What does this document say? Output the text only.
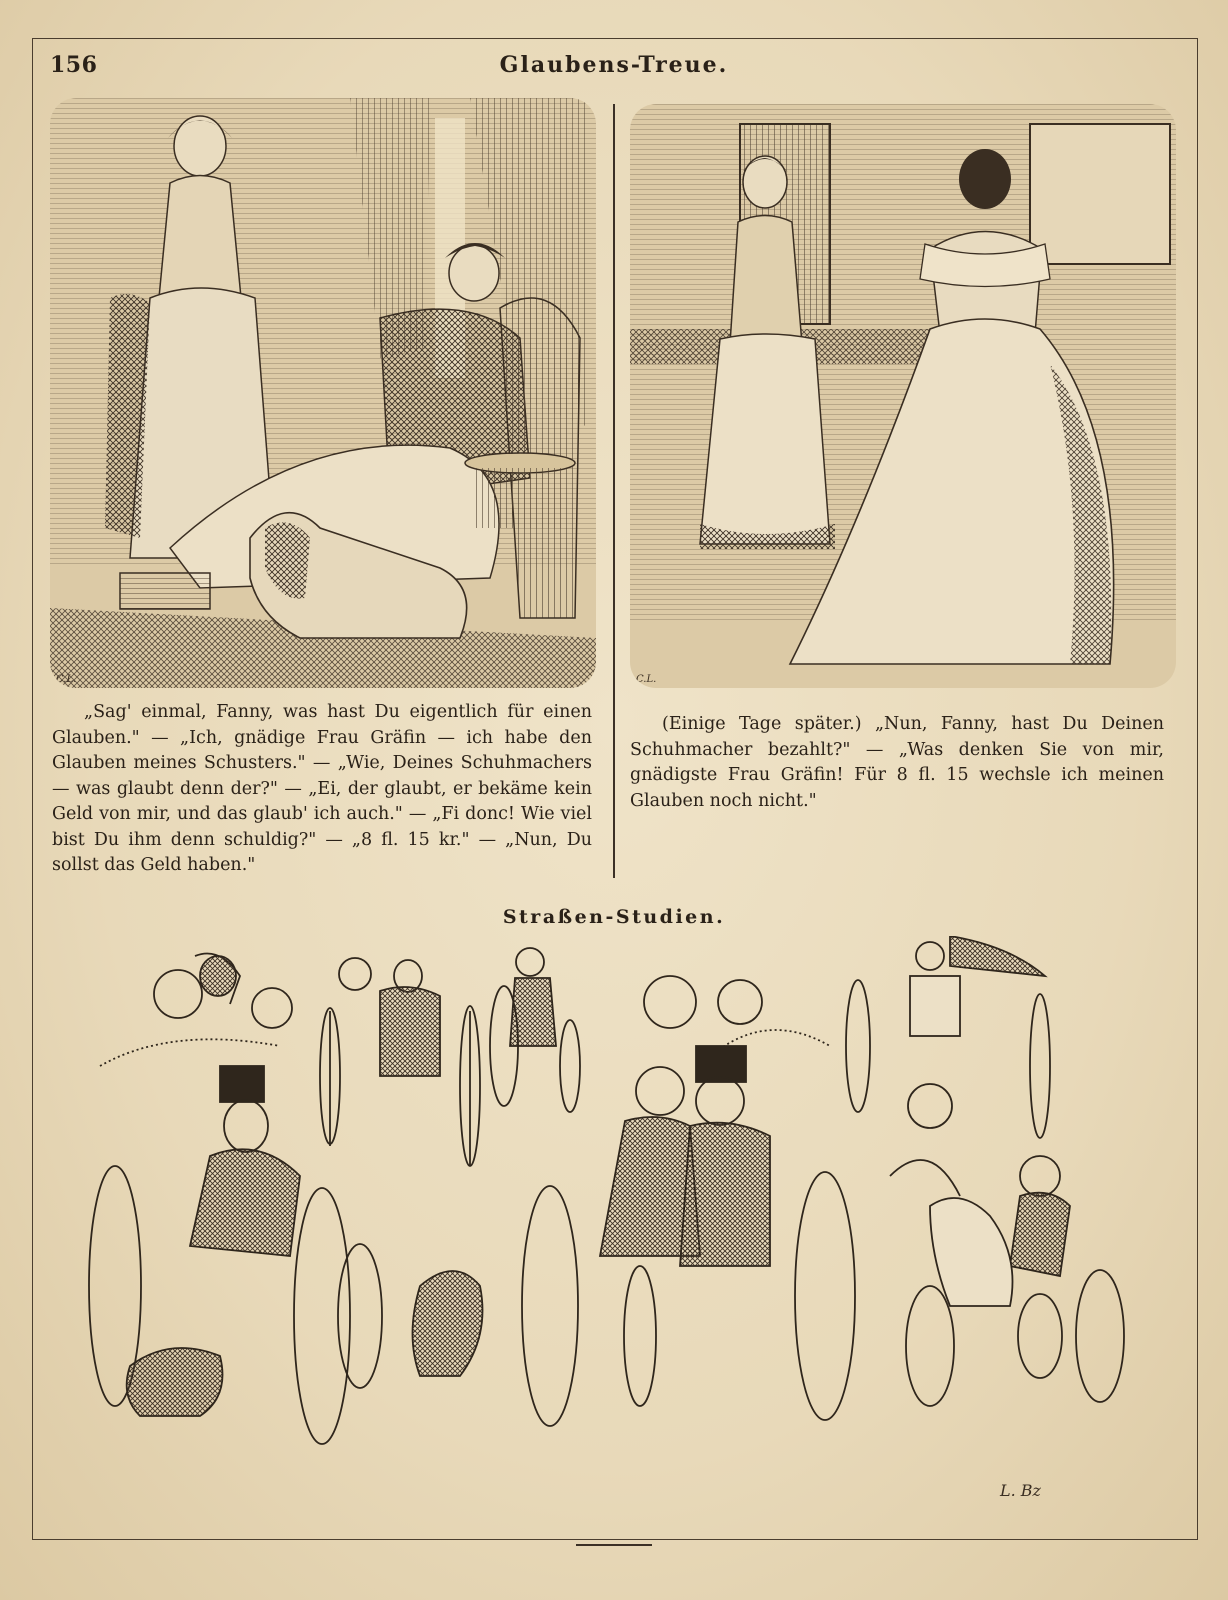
156	Glaubens-Treue.
C.L.	C.L.

„Sag' einmal, Fanny, was hast Du eigentlich für einen Glauben." — „Ich, gnädige Frau Gräfin — ich habe den Glauben meines Schusters." — „Wie, Deines Schuhmachers — was glaubt denn der?" — „Ei, der glaubt, er bekäme kein Geld von mir, und das glaub' ich auch." — „Fi donc! Wie viel bist Du ihm denn schuldig?" — „8 fl. 15 kr." — „Nun, Du sollst das Geld haben."

(Einige Tage später.) „Nun, Fanny, hast Du Deinen Schuhmacher bezahlt?" — „Was denken Sie von mir, gnädigste Frau Gräfin! Für 8 fl. 15 wechsle ich meinen Glauben noch nicht."

Straßen-Studien.
L. Bz
